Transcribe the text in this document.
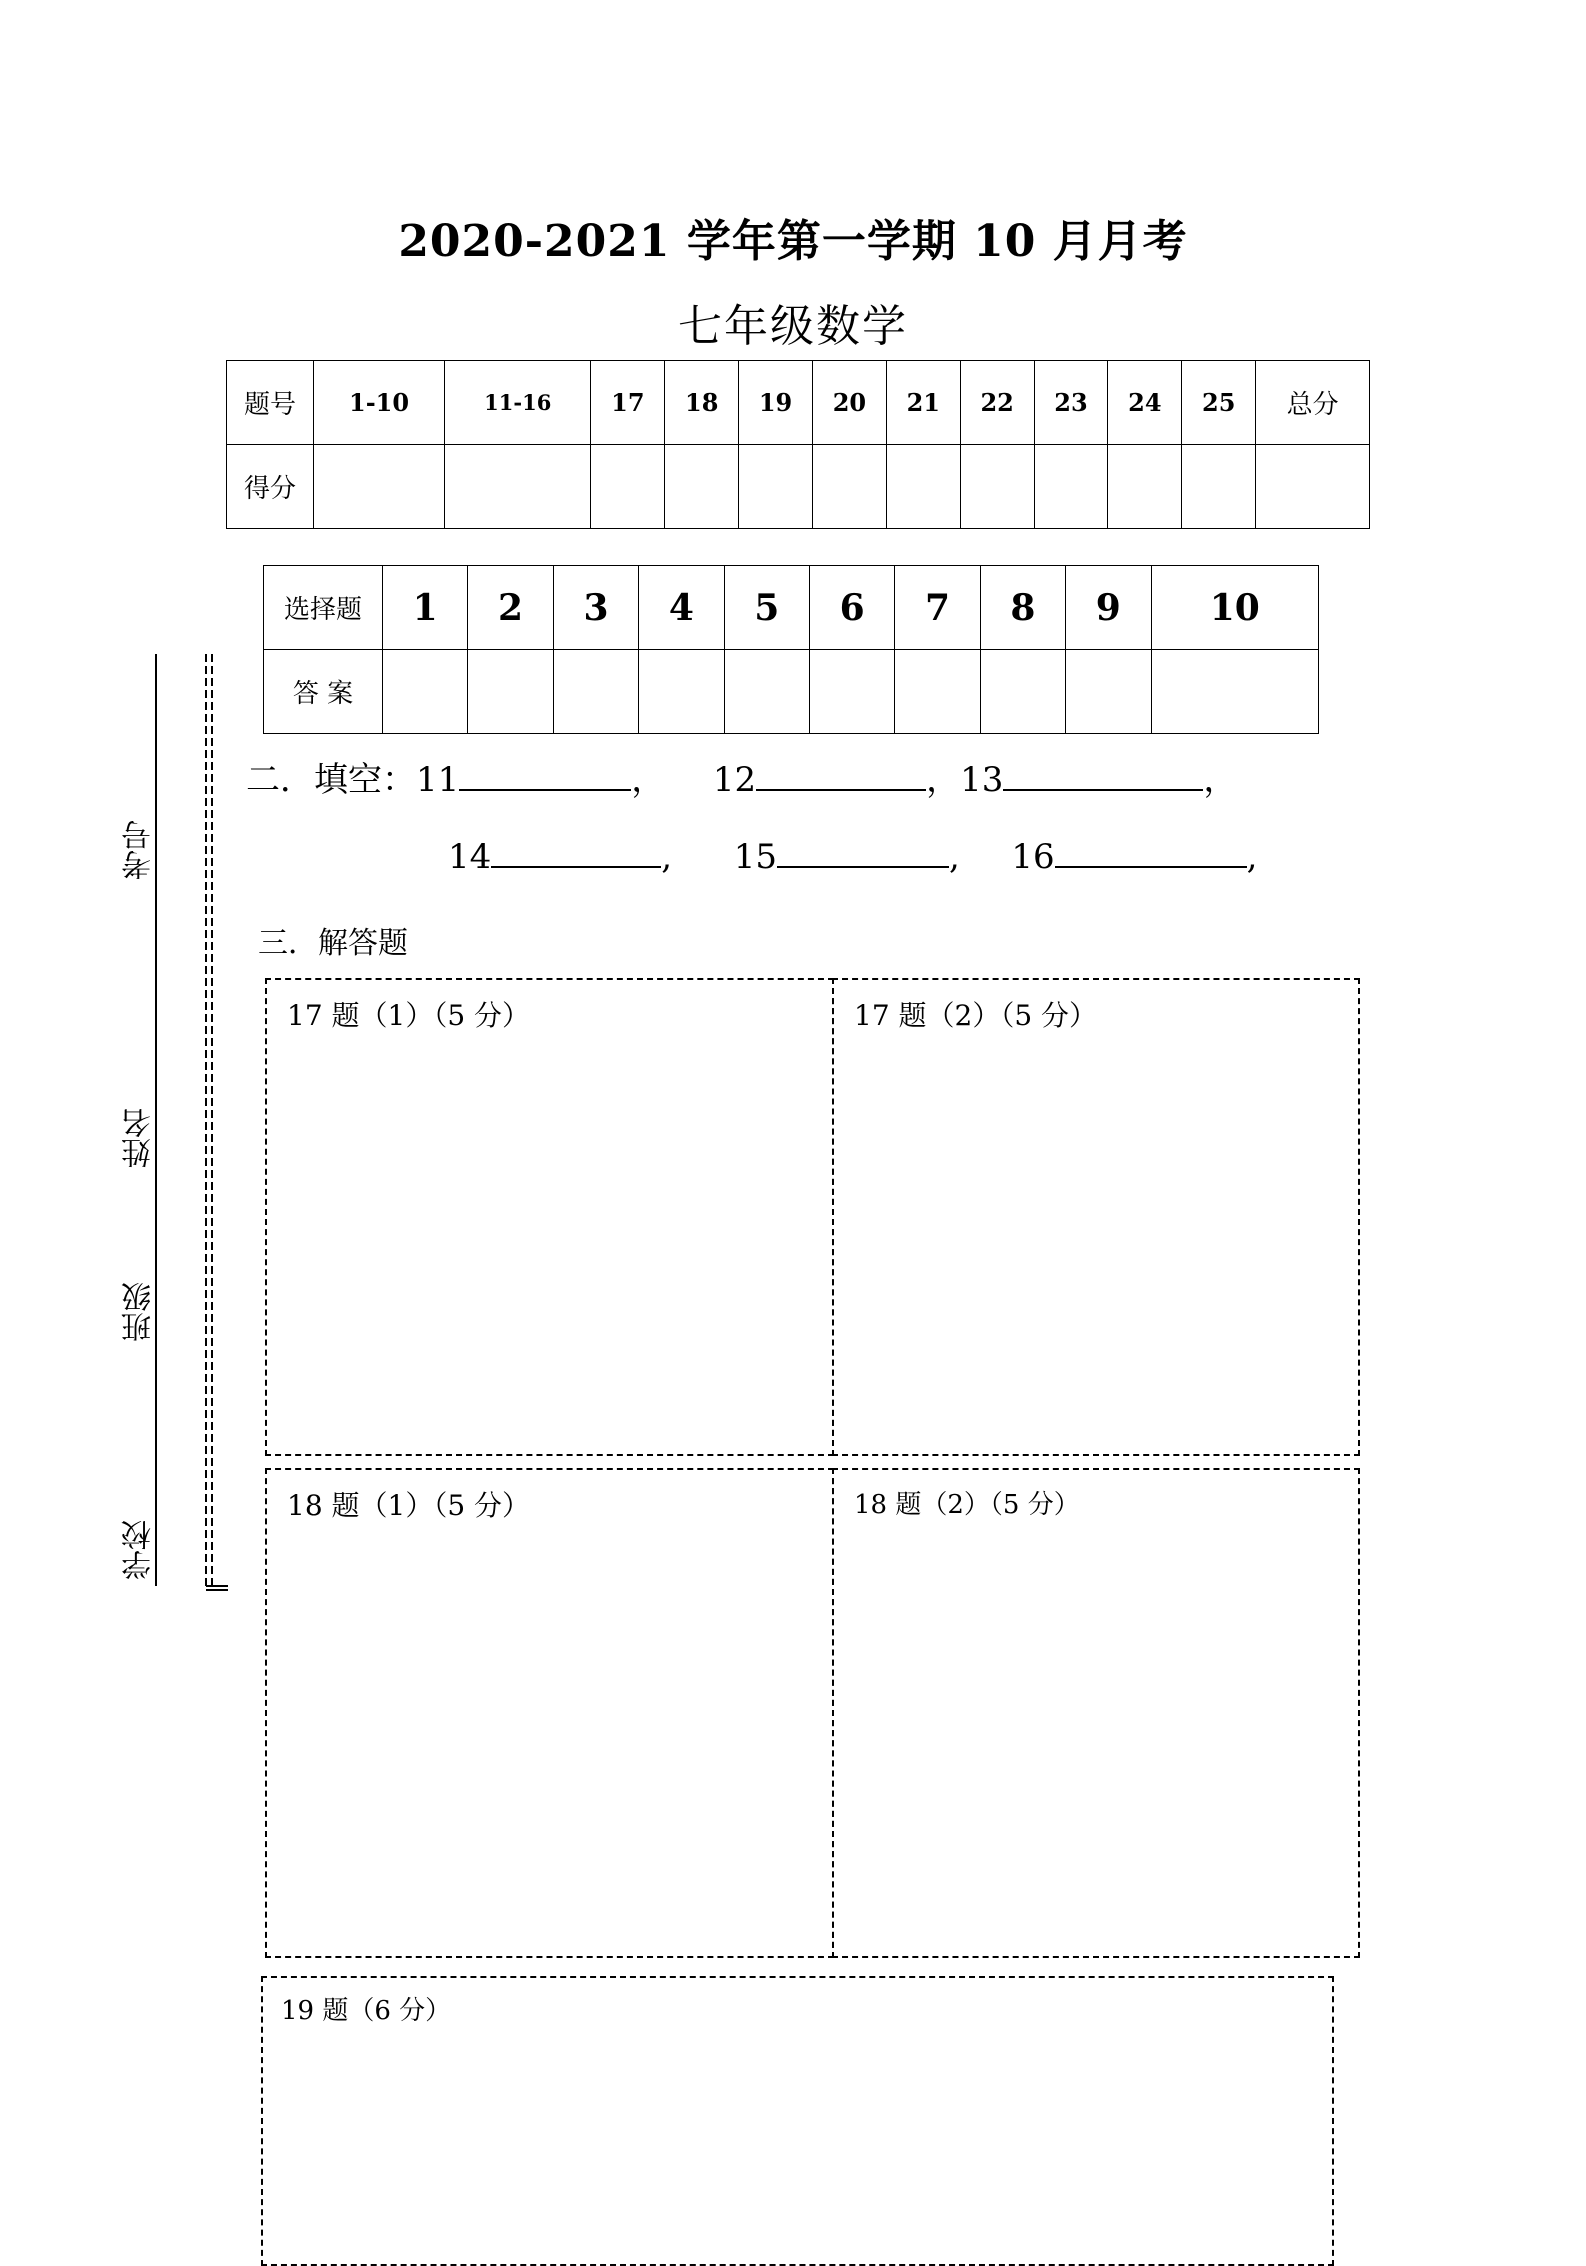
2020-2021 学年第一学期 10 月月考
七年级数学
题号	1-10	11-16	17	18	19	20	21	22	23	24	25	总分
得分												
选择题	1	2	3	4	5	6	7	8	9	10
答 案										
二．填空：11	， 12	，13	，
14	, 15	, 16	,
三．解答题
17 题（1）（5 分）	17 题（2）（5 分）
18 题（1）（5 分）	18 题（2）（5 分）
19 题（6 分）
考号
姓名
班级
学校
